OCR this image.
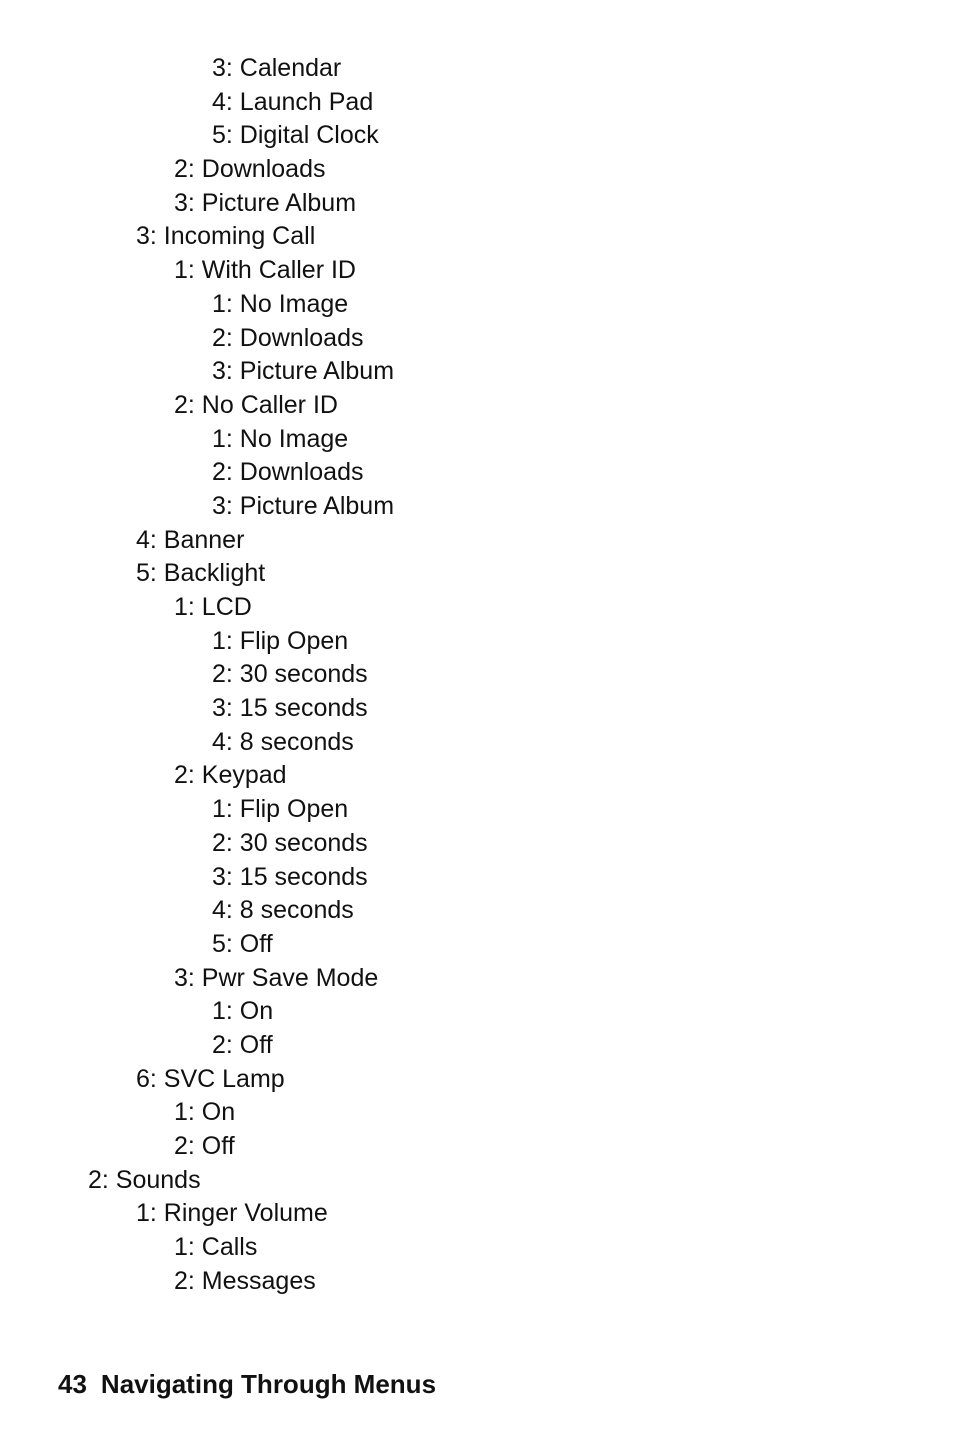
3: Calendar
4: Launch Pad
5: Digital Clock
2: Downloads
3: Picture Album
3: Incoming Call
1: With Caller ID
1: No Image
2: Downloads
3: Picture Album
2: No Caller ID
1: No Image
2: Downloads
3: Picture Album
4: Banner
5: Backlight
1: LCD
1: Flip Open
2: 30 seconds
3: 15 seconds
4: 8 seconds
2: Keypad
1: Flip Open
2: 30 seconds
3: 15 seconds
4: 8 seconds
5: Off
3: Pwr Save Mode
1: On
2: Off
6: SVC Lamp
1: On
2: Off
2: Sounds
1: Ringer Volume
1: Calls
2: Messages
43 Navigating Through Menus
